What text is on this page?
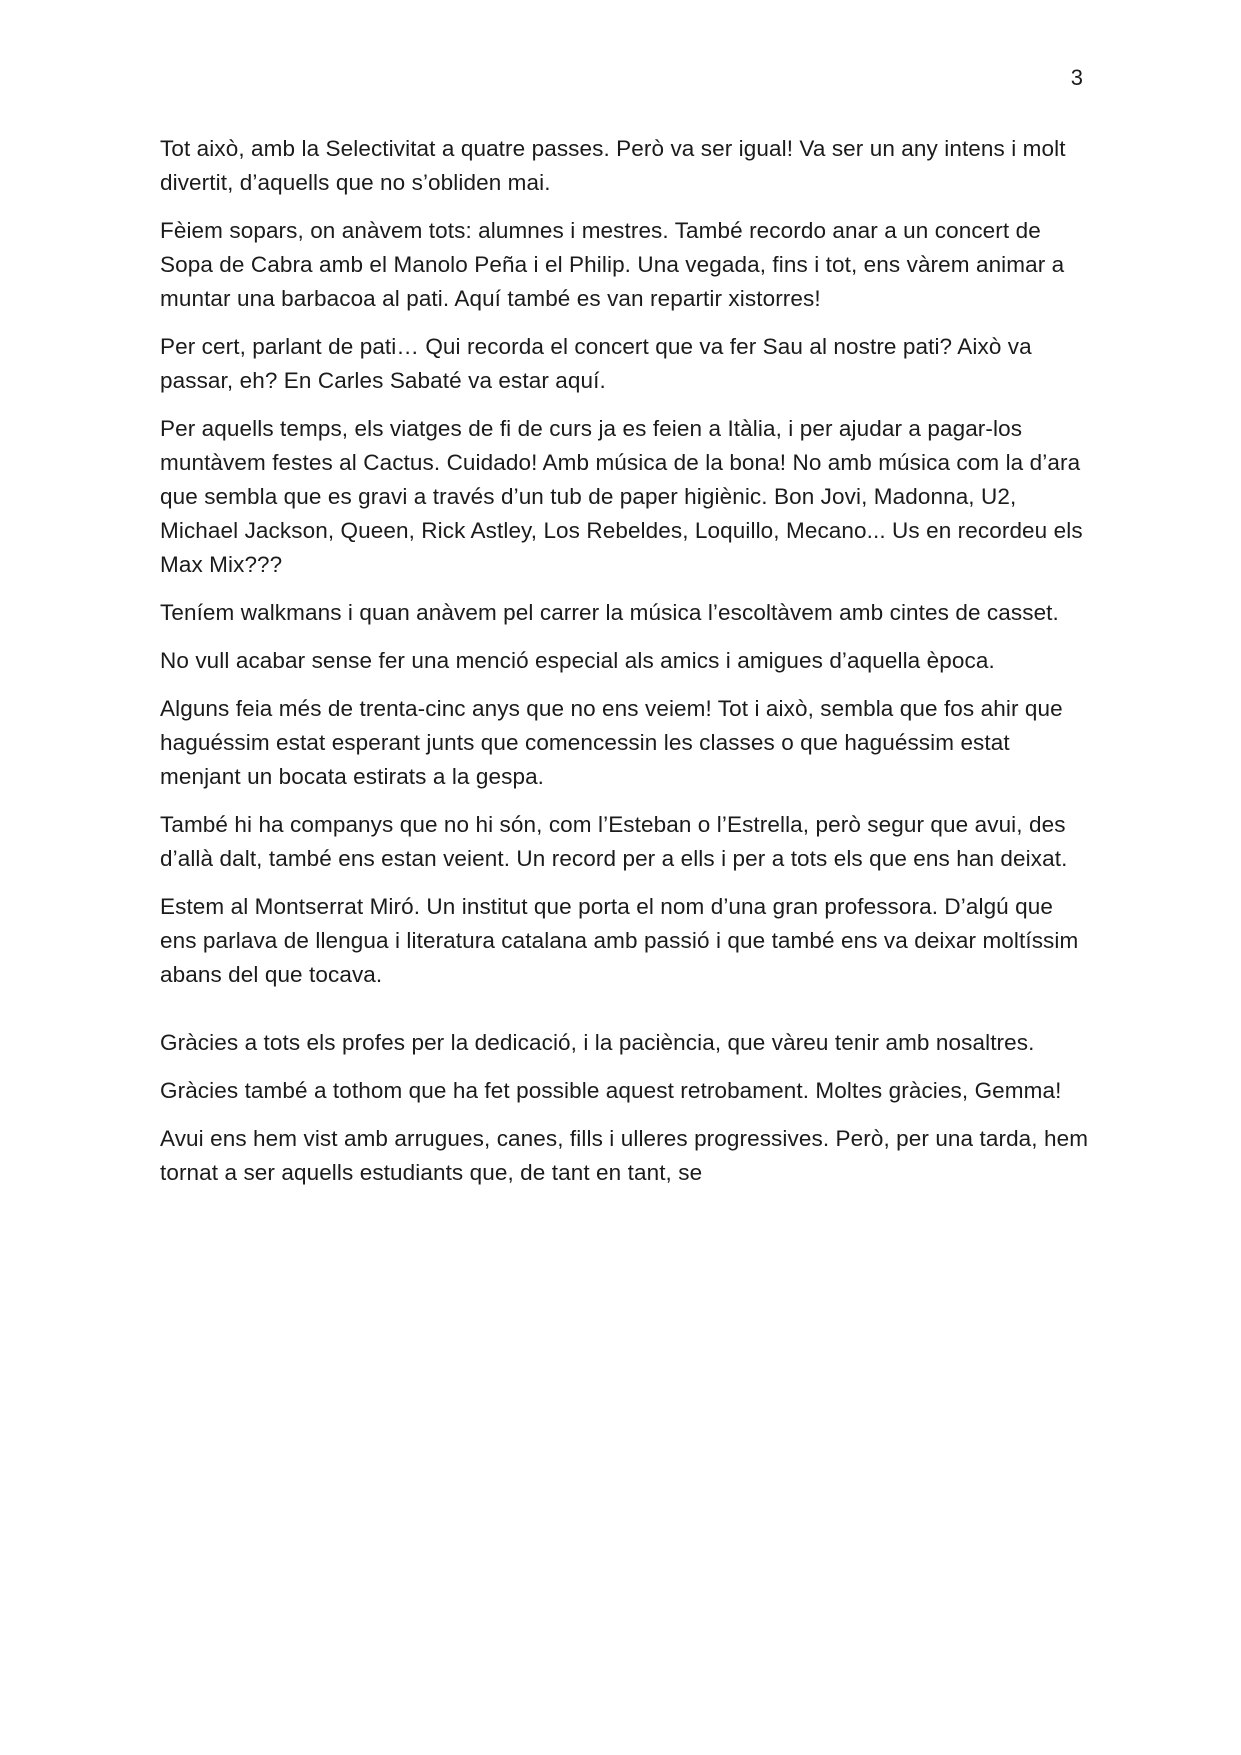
3

Tot això, amb la Selectivitat a quatre passes. Però va ser igual! Va ser un any intens i molt divertit, d’aquells que no s’obliden mai.

Fèiem sopars, on anàvem tots: alumnes i mestres. També recordo anar a un concert de Sopa de Cabra amb el Manolo Peña i el Philip. Una vegada, fins i tot, ens vàrem animar a muntar una barbacoa al pati. Aquí també es van repartir xistorres!

Per cert, parlant de pati… Qui recorda el concert que va fer Sau al nostre pati? Això va passar, eh? En Carles Sabaté va estar aquí.

Per aquells temps, els viatges de fi de curs ja es feien a Itàlia, i per ajudar a pagar-los muntàvem festes al Cactus. Cuidado! Amb música de la bona! No amb música com la d’ara que sembla que es gravi a través d’un tub de paper higiènic. Bon Jovi, Madonna, U2, Michael Jackson, Queen, Rick Astley, Los Rebeldes, Loquillo, Mecano... Us en recordeu els Max Mix???

Teníem walkmans i quan anàvem pel carrer la música l’escoltàvem amb cintes de casset.

No vull acabar sense fer una menció especial als amics i amigues d’aquella època.

Alguns feia més de trenta-cinc anys que no ens veiem! Tot i això, sembla que fos ahir que haguéssim estat esperant junts que comencessin les classes o que haguéssim estat menjant un bocata estirats a la gespa.

També hi ha companys que no hi són, com l’Esteban o l’Estrella, però segur que avui, des d’allà dalt, també ens estan veient. Un record per a ells i per a tots els que ens han deixat.

Estem al Montserrat Miró. Un institut que porta el nom d’una gran professora. D’algú que ens parlava de llengua i literatura catalana amb passió i que també ens va deixar moltíssim abans del que tocava.

Gràcies a tots els profes per la dedicació, i la paciència, que vàreu tenir amb nosaltres.

Gràcies també a tothom que ha fet possible aquest retrobament. Moltes gràcies, Gemma!

Avui ens hem vist amb arrugues, canes, fills i ulleres progressives. Però, per una tarda, hem tornat a ser aquells estudiants que, de tant en tant, se
